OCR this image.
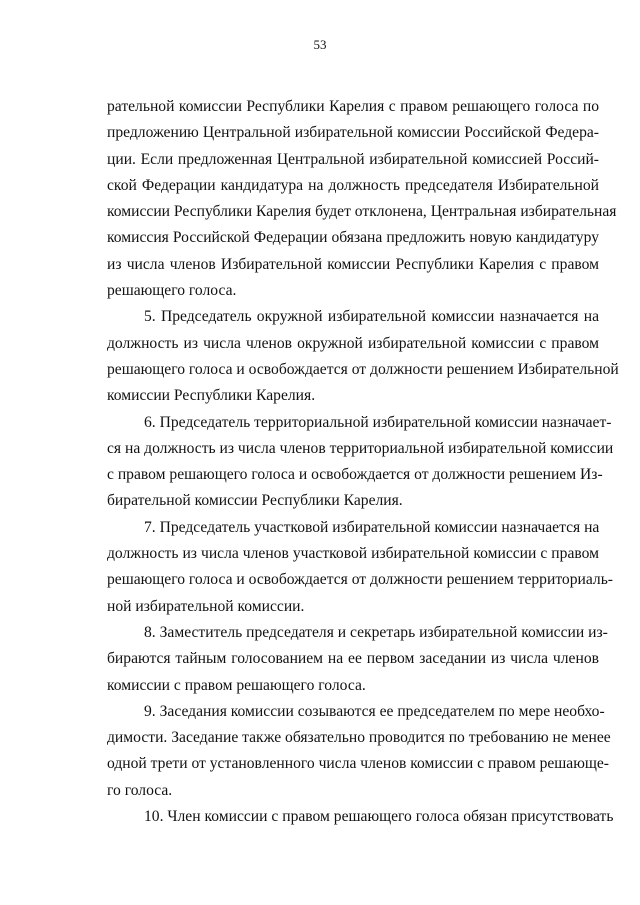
53
рательной комиссии Республики Карелия с правом решающего голоса по
предложению Центральной избирательной комиссии Российской Федера-
ции. Если предложенная Центральной избирательной комиссией Россий-
ской Федерации кандидатура на должность председателя Избирательной
комиссии Республики Карелия будет отклонена, Центральная избирательная
комиссия Российской Федерации обязана предложить новую кандидатуру
из числа членов Избирательной комиссии Республики Карелия с правом
решающего голоса.
5. Председатель окружной избирательной комиссии назначается на
должность из числа членов окружной избирательной комиссии с правом
решающего голоса и освобождается от должности решением Избирательной
комиссии Республики Карелия.
6. Председатель территориальной избирательной комиссии назначает-
ся на должность из числа членов территориальной избирательной комиссии
с правом решающего голоса и освобождается от должности решением Из-
бирательной комиссии Республики Карелия.
7. Председатель участковой избирательной комиссии назначается на
должность из числа членов участковой избирательной комиссии с правом
решающего голоса и освобождается от должности решением территориаль-
ной избирательной комиссии.
8. Заместитель председателя и секретарь избирательной комиссии из-
бираются тайным голосованием на ее первом заседании из числа членов
комиссии с правом решающего голоса.
9. Заседания комиссии созываются ее председателем по мере необхо-
димости. Заседание также обязательно проводится по требованию не менее
одной трети от установленного числа членов комиссии с правом решающе-
го голоса.
10. Член комиссии с правом решающего голоса обязан присутствовать
